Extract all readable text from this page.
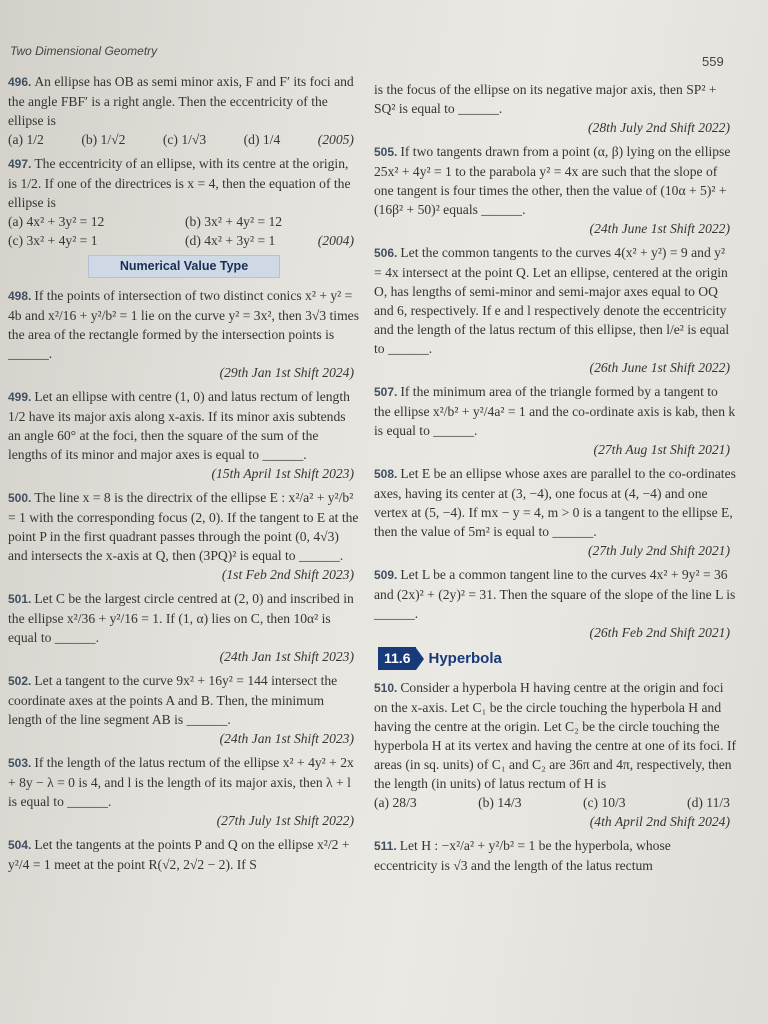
Two Dimensional Geometry
559
496. An ellipse has OB as semi minor axis, F and F′ its foci and the angle FBF′ is a right angle. Then the eccentricity of the ellipse is
(a) 1/2	(b) 1/√2	(c) 1/√3	(d) 1/4	(2005)
497. The eccentricity of an ellipse, with its centre at the origin, is 1/2. If one of the directrices is x = 4, then the equation of the ellipse is
(a) 4x² + 3y² = 12	(b) 3x² + 4y² = 12
(c) 3x² + 4y² = 1	(d) 4x² + 3y² = 1	(2004)
Numerical Value Type
498. If the points of intersection of two distinct conics x² + y² = 4b and x²/16 + y²/b² = 1 lie on the curve y² = 3x², then 3√3 times the area of the rectangle formed by the intersection points is ______.
(29th Jan 1st Shift 2024)
499. Let an ellipse with centre (1, 0) and latus rectum of length 1/2 have its major axis along x-axis. If its minor axis subtends an angle 60° at the foci, then the square of the sum of the lengths of its minor and major axes is equal to ______.
(15th April 1st Shift 2023)
500. The line x = 8 is the directrix of the ellipse E : x²/a² + y²/b² = 1 with the corresponding focus (2, 0). If the tangent to E at the point P in the first quadrant passes through the point (0, 4√3) and intersects the x-axis at Q, then (3PQ)² is equal to ______.
(1st Feb 2nd Shift 2023)
501. Let C be the largest circle centred at (2, 0) and inscribed in the ellipse x²/36 + y²/16 = 1. If (1, α) lies on C, then 10α² is equal to ______.
(24th Jan 1st Shift 2023)
502. Let a tangent to the curve 9x² + 16y² = 144 intersect the coordinate axes at the points A and B. Then, the minimum length of the line segment AB is ______.
(24th Jan 1st Shift 2023)
503. If the length of the latus rectum of the ellipse x² + 4y² + 2x + 8y − λ = 0 is 4, and l is the length of its major axis, then λ + l is equal to ______.
(27th July 1st Shift 2022)
504. Let the tangents at the points P and Q on the ellipse x²/2 + y²/4 = 1 meet at the point R(√2, 2√2 − 2). If S
is the focus of the ellipse on its negative major axis, then SP² + SQ² is equal to ______.
(28th July 2nd Shift 2022)
505. If two tangents drawn from a point (α, β) lying on the ellipse 25x² + 4y² = 1 to the parabola y² = 4x are such that the slope of one tangent is four times the other, then the value of (10α + 5)² + (16β² + 50)² equals ______.
(24th June 1st Shift 2022)
506. Let the common tangents to the curves 4(x² + y²) = 9 and y² = 4x intersect at the point Q. Let an ellipse, centered at the origin O, has lengths of semi-minor and semi-major axes equal to OQ and 6, respectively. If e and l respectively denote the eccentricity and the length of the latus rectum of this ellipse, then l/e² is equal to ______.
(26th June 1st Shift 2022)
507. If the minimum area of the triangle formed by a tangent to the ellipse x²/b² + y²/4a² = 1 and the co-ordinate axis is kab, then k is equal to ______.
(27th Aug 1st Shift 2021)
508. Let E be an ellipse whose axes are parallel to the co-ordinates axes, having its center at (3, −4), one focus at (4, −4) and one vertex at (5, −4). If mx − y = 4, m > 0 is a tangent to the ellipse E, then the value of 5m² is equal to ______.
(27th July 2nd Shift 2021)
509. Let L be a common tangent line to the curves 4x² + 9y² = 36 and (2x)² + (2y)² = 31. Then the square of the slope of the line L is ______.
(26th Feb 2nd Shift 2021)
11.6	Hyperbola
510. Consider a hyperbola H having centre at the origin and foci on the x-axis. Let C₁ be the circle touching the hyperbola H and having the centre at the origin. Let C₂ be the circle touching the hyperbola H at its vertex and having the centre at one of its foci. If areas (in sq. units) of C₁ and C₂ are 36π and 4π, respectively, then the length (in units) of latus rectum of H is
(a) 28/3	(b) 14/3	(c) 10/3	(d) 11/3
(4th April 2nd Shift 2024)
511. Let H : −x²/a² + y²/b² = 1 be the hyperbola, whose eccentricity is √3 and the length of the latus rectum
